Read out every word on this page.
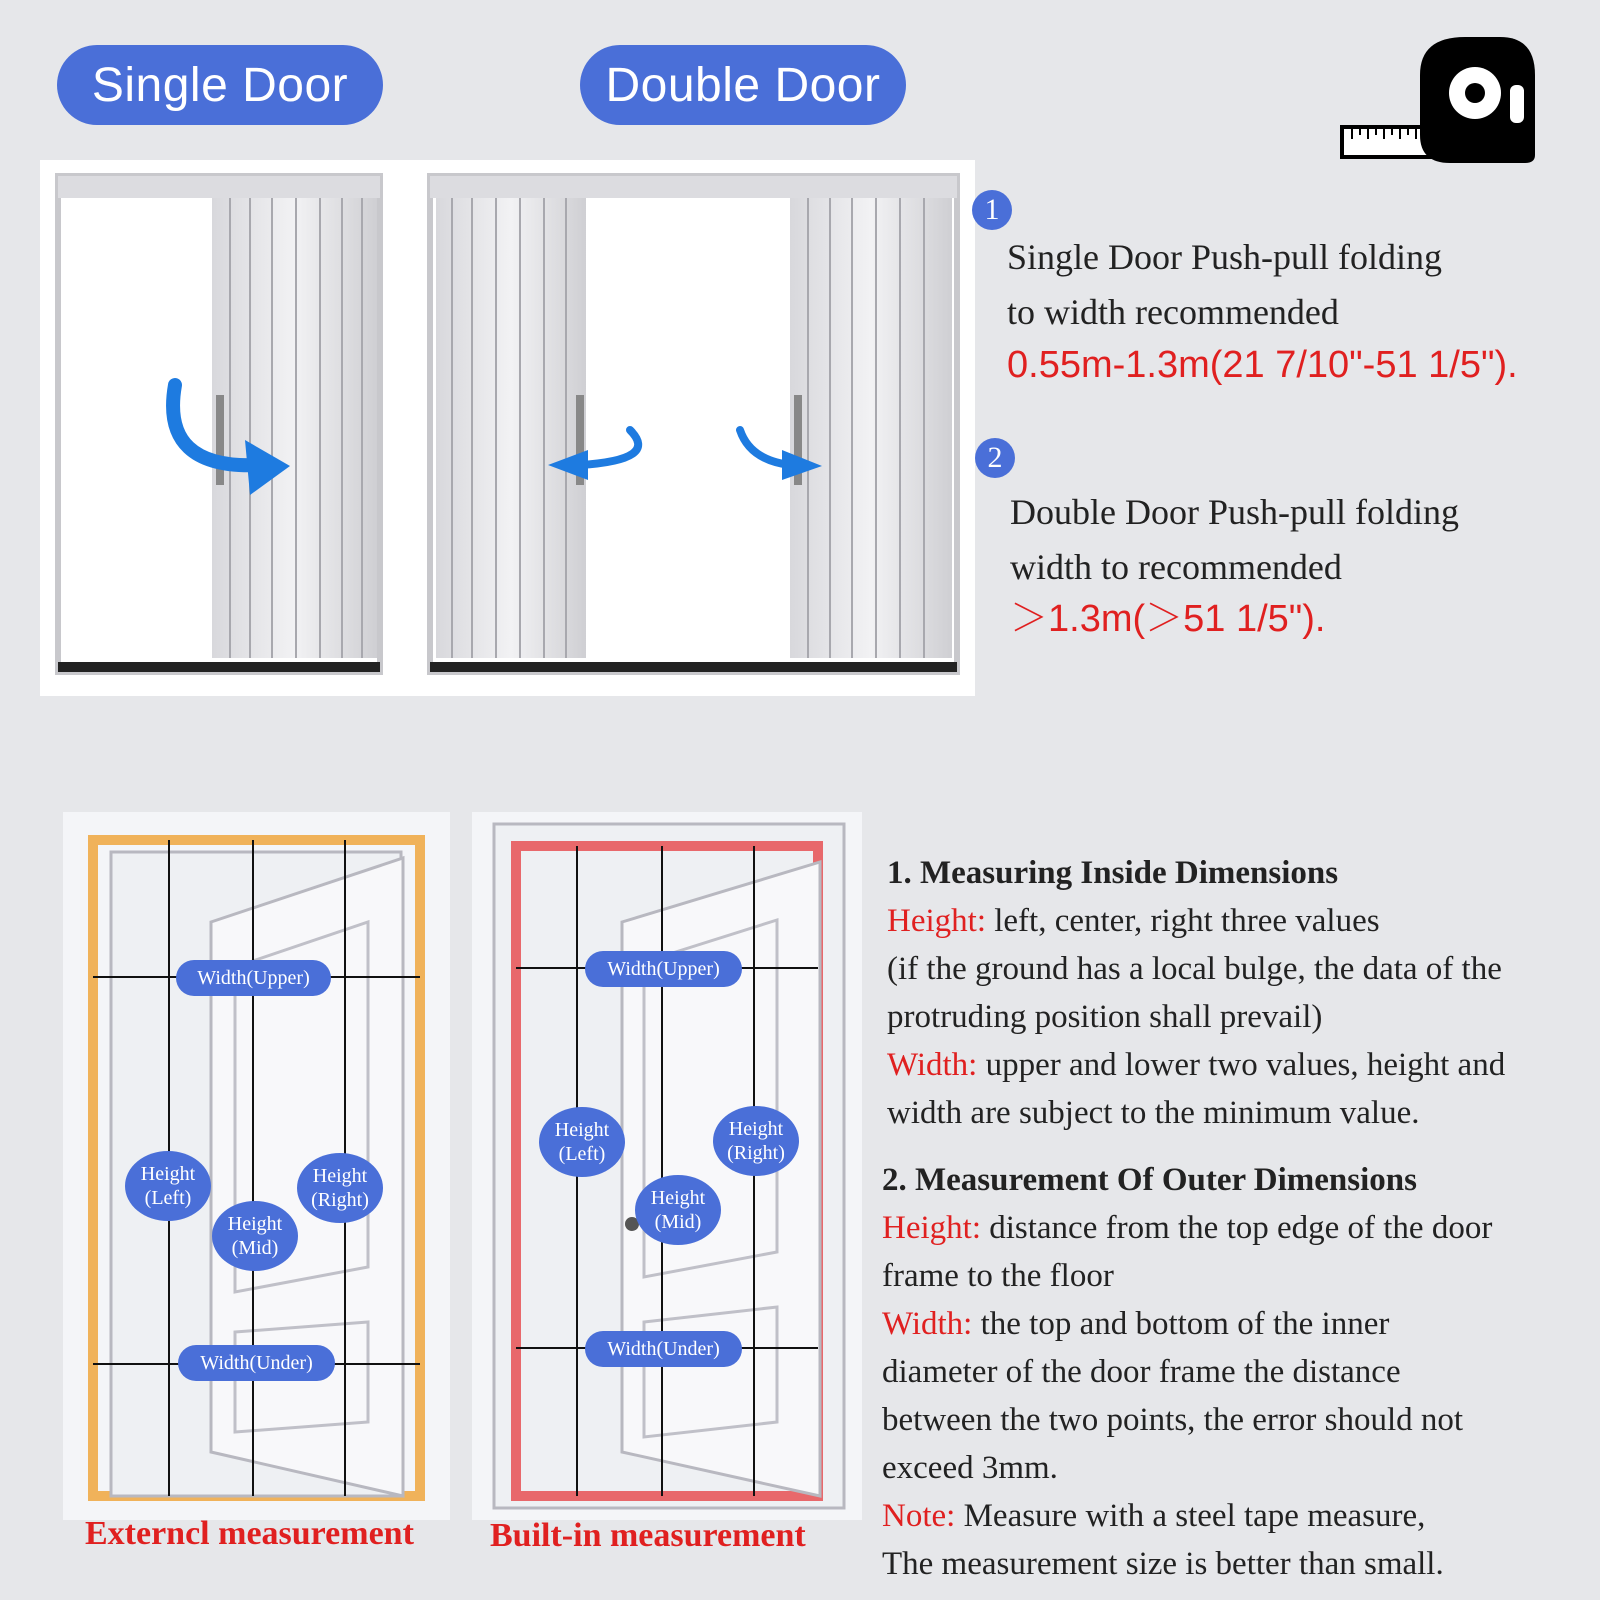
Single Door	Double Door
1
Single Door Push-pull folding
to width recommended
0.55m-1.3m(21 7/10"-51 1/5").
2
Double Door Push-pull folding
width to recommended
＞1.3m(＞51 1/5").
Width(Upper)
Width(Under)
Height
(Left)
Height
(Right)
Height
(Mid)
Externcl measurement
Width(Upper)
Width(Under)
Height
(Left)
Height
(Right)
Height
(Mid)
Built-in measurement
1. Measuring Inside Dimensions
Height: left, center, right three values
(if the ground has a local bulge, the data of the
protruding position shall prevail)
Width: upper and lower two values, height and
width are subject to the minimum value.
2. Measurement Of Outer Dimensions
Height: distance from the top edge of the door
frame to the floor
Width: the top and bottom of the inner
diameter of the door frame the distance
between the two points, the error should not
exceed 3mm.
Note: Measure with a steel tape measure,
The measurement size is better than small.
